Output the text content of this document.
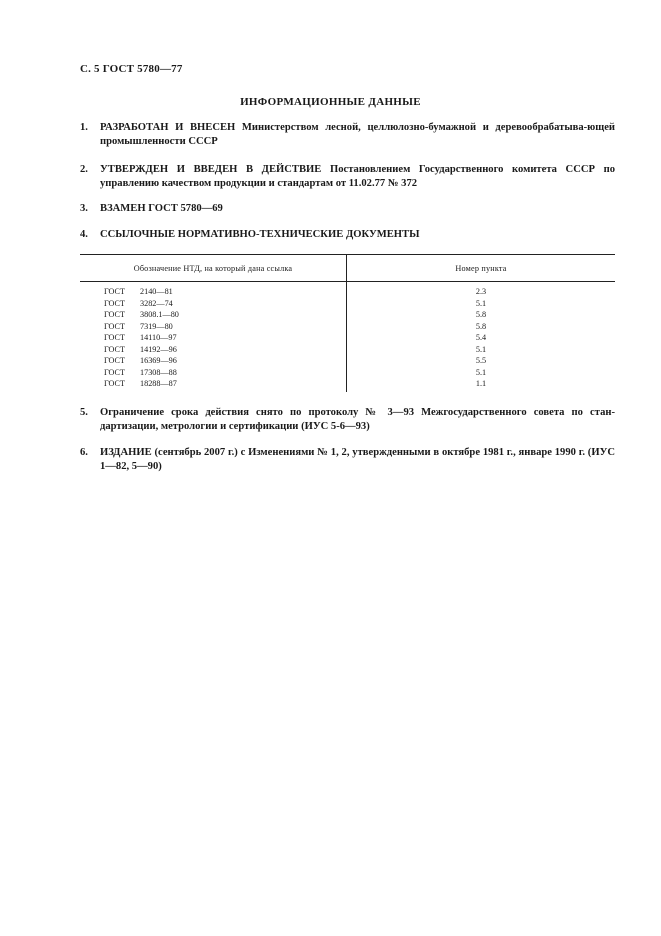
С. 5 ГОСТ 5780—77
ИНФОРМАЦИОННЫЕ ДАННЫЕ
1.	РАЗРАБОТАН И ВНЕСЕН Министерством лесной, целлюлозно-бумажной и деревообрабатыва-ющей промышленности СССР
2.	УТВЕРЖДЕН И ВВЕДЕН В ДЕЙСТВИЕ Постановлением Государственного комитета СССР по управлению качеством продукции и стандартам от 11.02.77 № 372
3.	ВЗАМЕН ГОСТ 5780—69
4.	ССЫЛОЧНЫЕ НОРМАТИВНО-ТЕХНИЧЕСКИЕ ДОКУМЕНТЫ
Обозначение НТД, на который дана ссылка	Номер пункта
ГОСТ 2140—81	2.3
ГОСТ 3282—74	5.1
ГОСТ 3808.1—80	5.8
ГОСТ 7319—80	5.8
ГОСТ 14110—97	5.4
ГОСТ 14192—96	5.1
ГОСТ 16369—96	5.5
ГОСТ 17308—88	5.1
ГОСТ 18288—87	1.1
5.	Ограничение срока действия снято по протоколу № 3—93 Межгосударственного совета по стан-дартизации, метрологии и сертификации (ИУС 5-6—93)
6.	ИЗДАНИЕ (сентябрь 2007 г.) с Изменениями № 1, 2, утвержденными в октябре 1981 г., январе 1990 г. (ИУС 1—82, 5—90)
